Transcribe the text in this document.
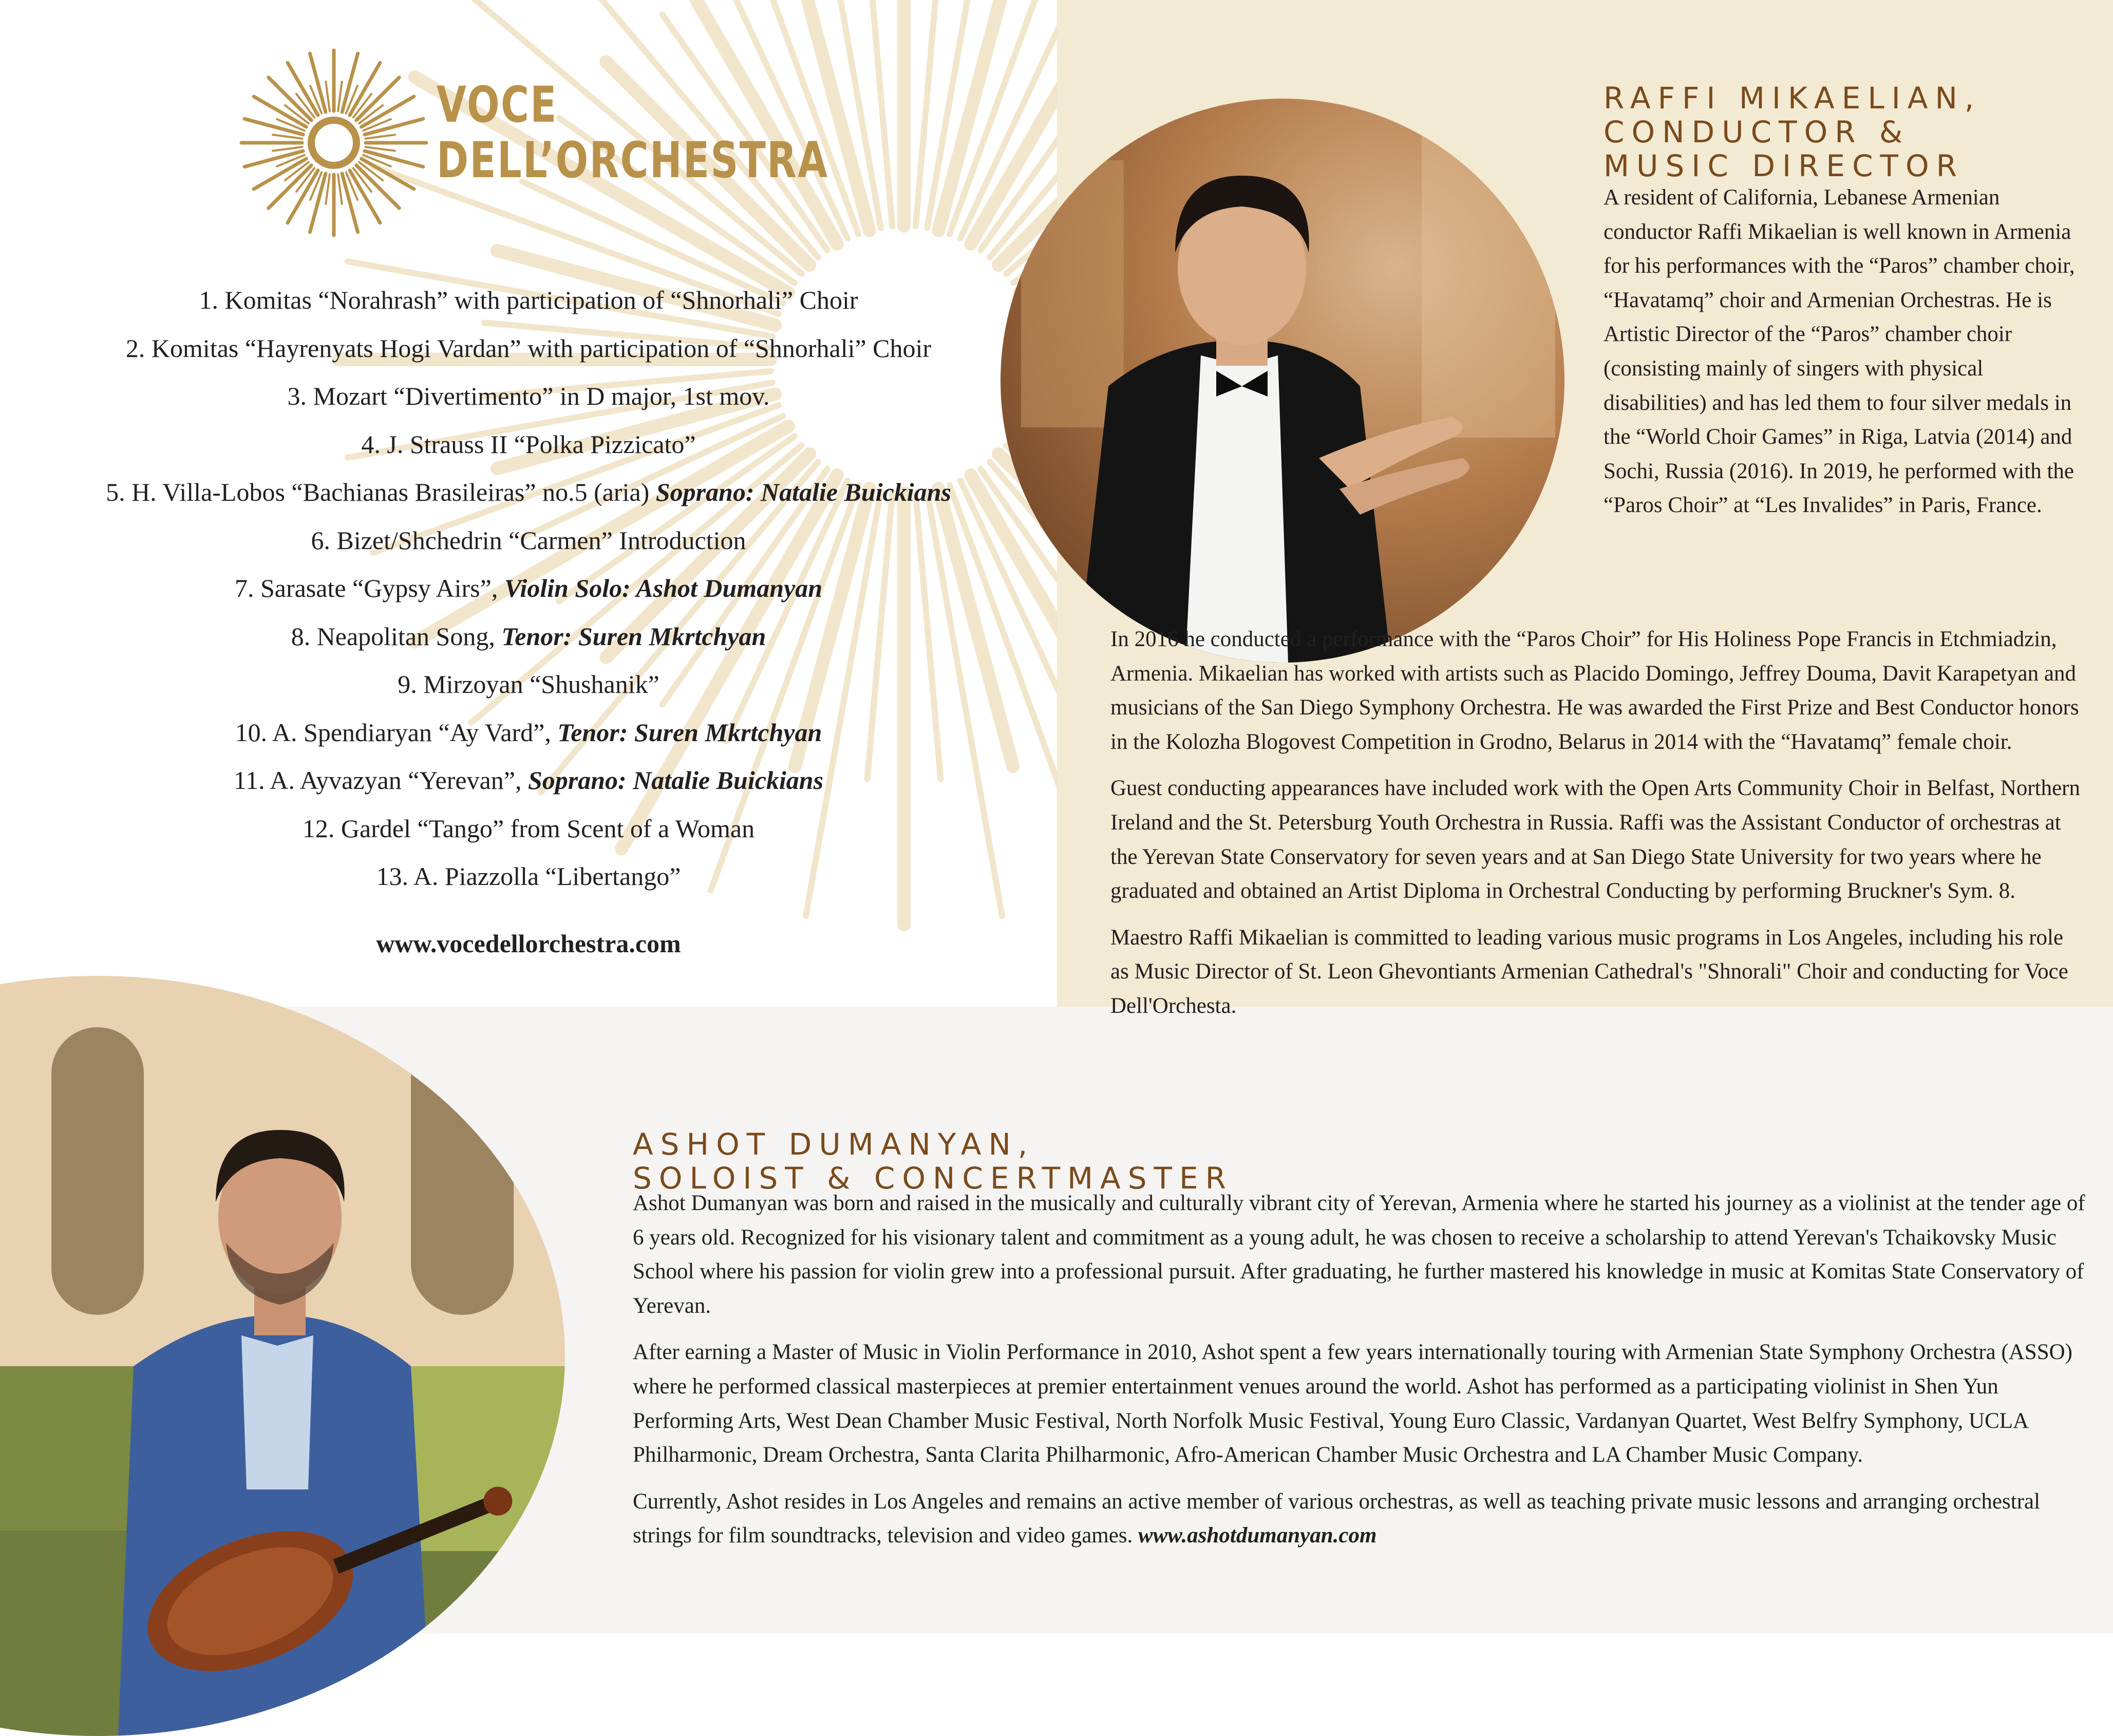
VOCE
DELL’ORCHESTRA
1. Komitas “Norahrash” with participation of “Shnorhali” Choir
2. Komitas “Hayrenyats Hogi Vardan” with participation of “Shnorhali” Choir
3. Mozart “Divertimento” in D major, 1st mov.
4. J. Strauss II “Polka Pizzicato”
5. H. Villa-Lobos “Bachianas Brasileiras” no.5 (aria) Soprano: Natalie Buickians
6. Bizet/Shchedrin “Carmen” Introduction
7. Sarasate “Gypsy Airs”, Violin Solo: Ashot Dumanyan
8. Neapolitan Song, Tenor: Suren Mkrtchyan
9. Mirzoyan “Shushanik”
10. A. Spendiaryan “Ay Vard”, Tenor: Suren Mkrtchyan
11. A. Ayvazyan “Yerevan”, Soprano: Natalie Buickians
12. Gardel “Tango” from Scent of a Woman
13. A. Piazzolla “Libertango”
www.vocedellorchestra.com
RAFFI MIKAELIAN,
CONDUCTOR &
MUSIC DIRECTOR

A resident of California, Lebanese Armenian conductor Raffi Mikaelian is well known in Armenia for his performances with the “Paros” chamber choir, “Havatamq” choir and Armenian Orchestras. He is Artistic Director of the “Paros” chamber choir (consisting mainly of singers with physical disabilities) and has led them to four silver medals in the “World Choir Games” in Riga, Latvia (2014) and Sochi, Russia (2016). In 2019, he performed with the “Paros Choir” at “Les Invalides” in Paris, France.

In 2016 he conducted a performance with the “Paros Choir” for His Holiness Pope Francis in Etchmiadzin, Armenia. Mikaelian has worked with artists such as Placido Domingo, Jeffrey Douma, Davit Karapetyan and musicians of the San Diego Symphony Orchestra. He was awarded the First Prize and Best Conductor honors in the Kolozha Blogovest Competition in Grodno, Belarus in 2014 with the “Havatamq” female choir.

Guest conducting appearances have included work with the Open Arts Community Choir in Belfast, Northern Ireland and the St. Petersburg Youth Orchestra in Russia. Raffi was the Assistant Conductor of orchestras at the Yerevan State Conservatory for seven years and at San Diego State University for two years where he graduated and obtained an Artist Diploma in Orchestral Conducting by performing Bruckner's Sym. 8.

Maestro Raffi Mikaelian is committed to leading various music programs in Los Angeles, including his role as Music Director of St. Leon Ghevontiants Armenian Cathedral's "Shnorali" Choir and conducting for Voce Dell'Orchesta.

ASHOT DUMANYAN,
SOLOIST & CONCERTMASTER

Ashot Dumanyan was born and raised in the musically and culturally vibrant city of Yerevan, Armenia where he started his journey as a violinist at the tender age of 6 years old. Recognized for his visionary talent and commitment as a young adult, he was chosen to receive a scholarship to attend Yerevan's Tchaikovsky Music School where his passion for violin grew into a professional pursuit. After graduating, he further mastered his knowledge in music at Komitas State Conservatory of Yerevan.

After earning a Master of Music in Violin Performance in 2010, Ashot spent a few years internationally touring with Armenian State Symphony Orchestra (ASSO) where he performed classical masterpieces at premier entertainment venues around the world. Ashot has performed as a participating violinist in Shen Yun Performing Arts, West Dean Chamber Music Festival, North Norfolk Music Festival, Young Euro Classic, Vardanyan Quartet, West Belfry Symphony, UCLA Philharmonic, Dream Orchestra, Santa Clarita Philharmonic, Afro-American Chamber Music Orchestra and LA Chamber Music Company.

Currently, Ashot resides in Los Angeles and remains an active member of various orchestras, as well as teaching private music lessons and arranging orchestral strings for film soundtracks, television and video games. www.ashotdumanyan.com
